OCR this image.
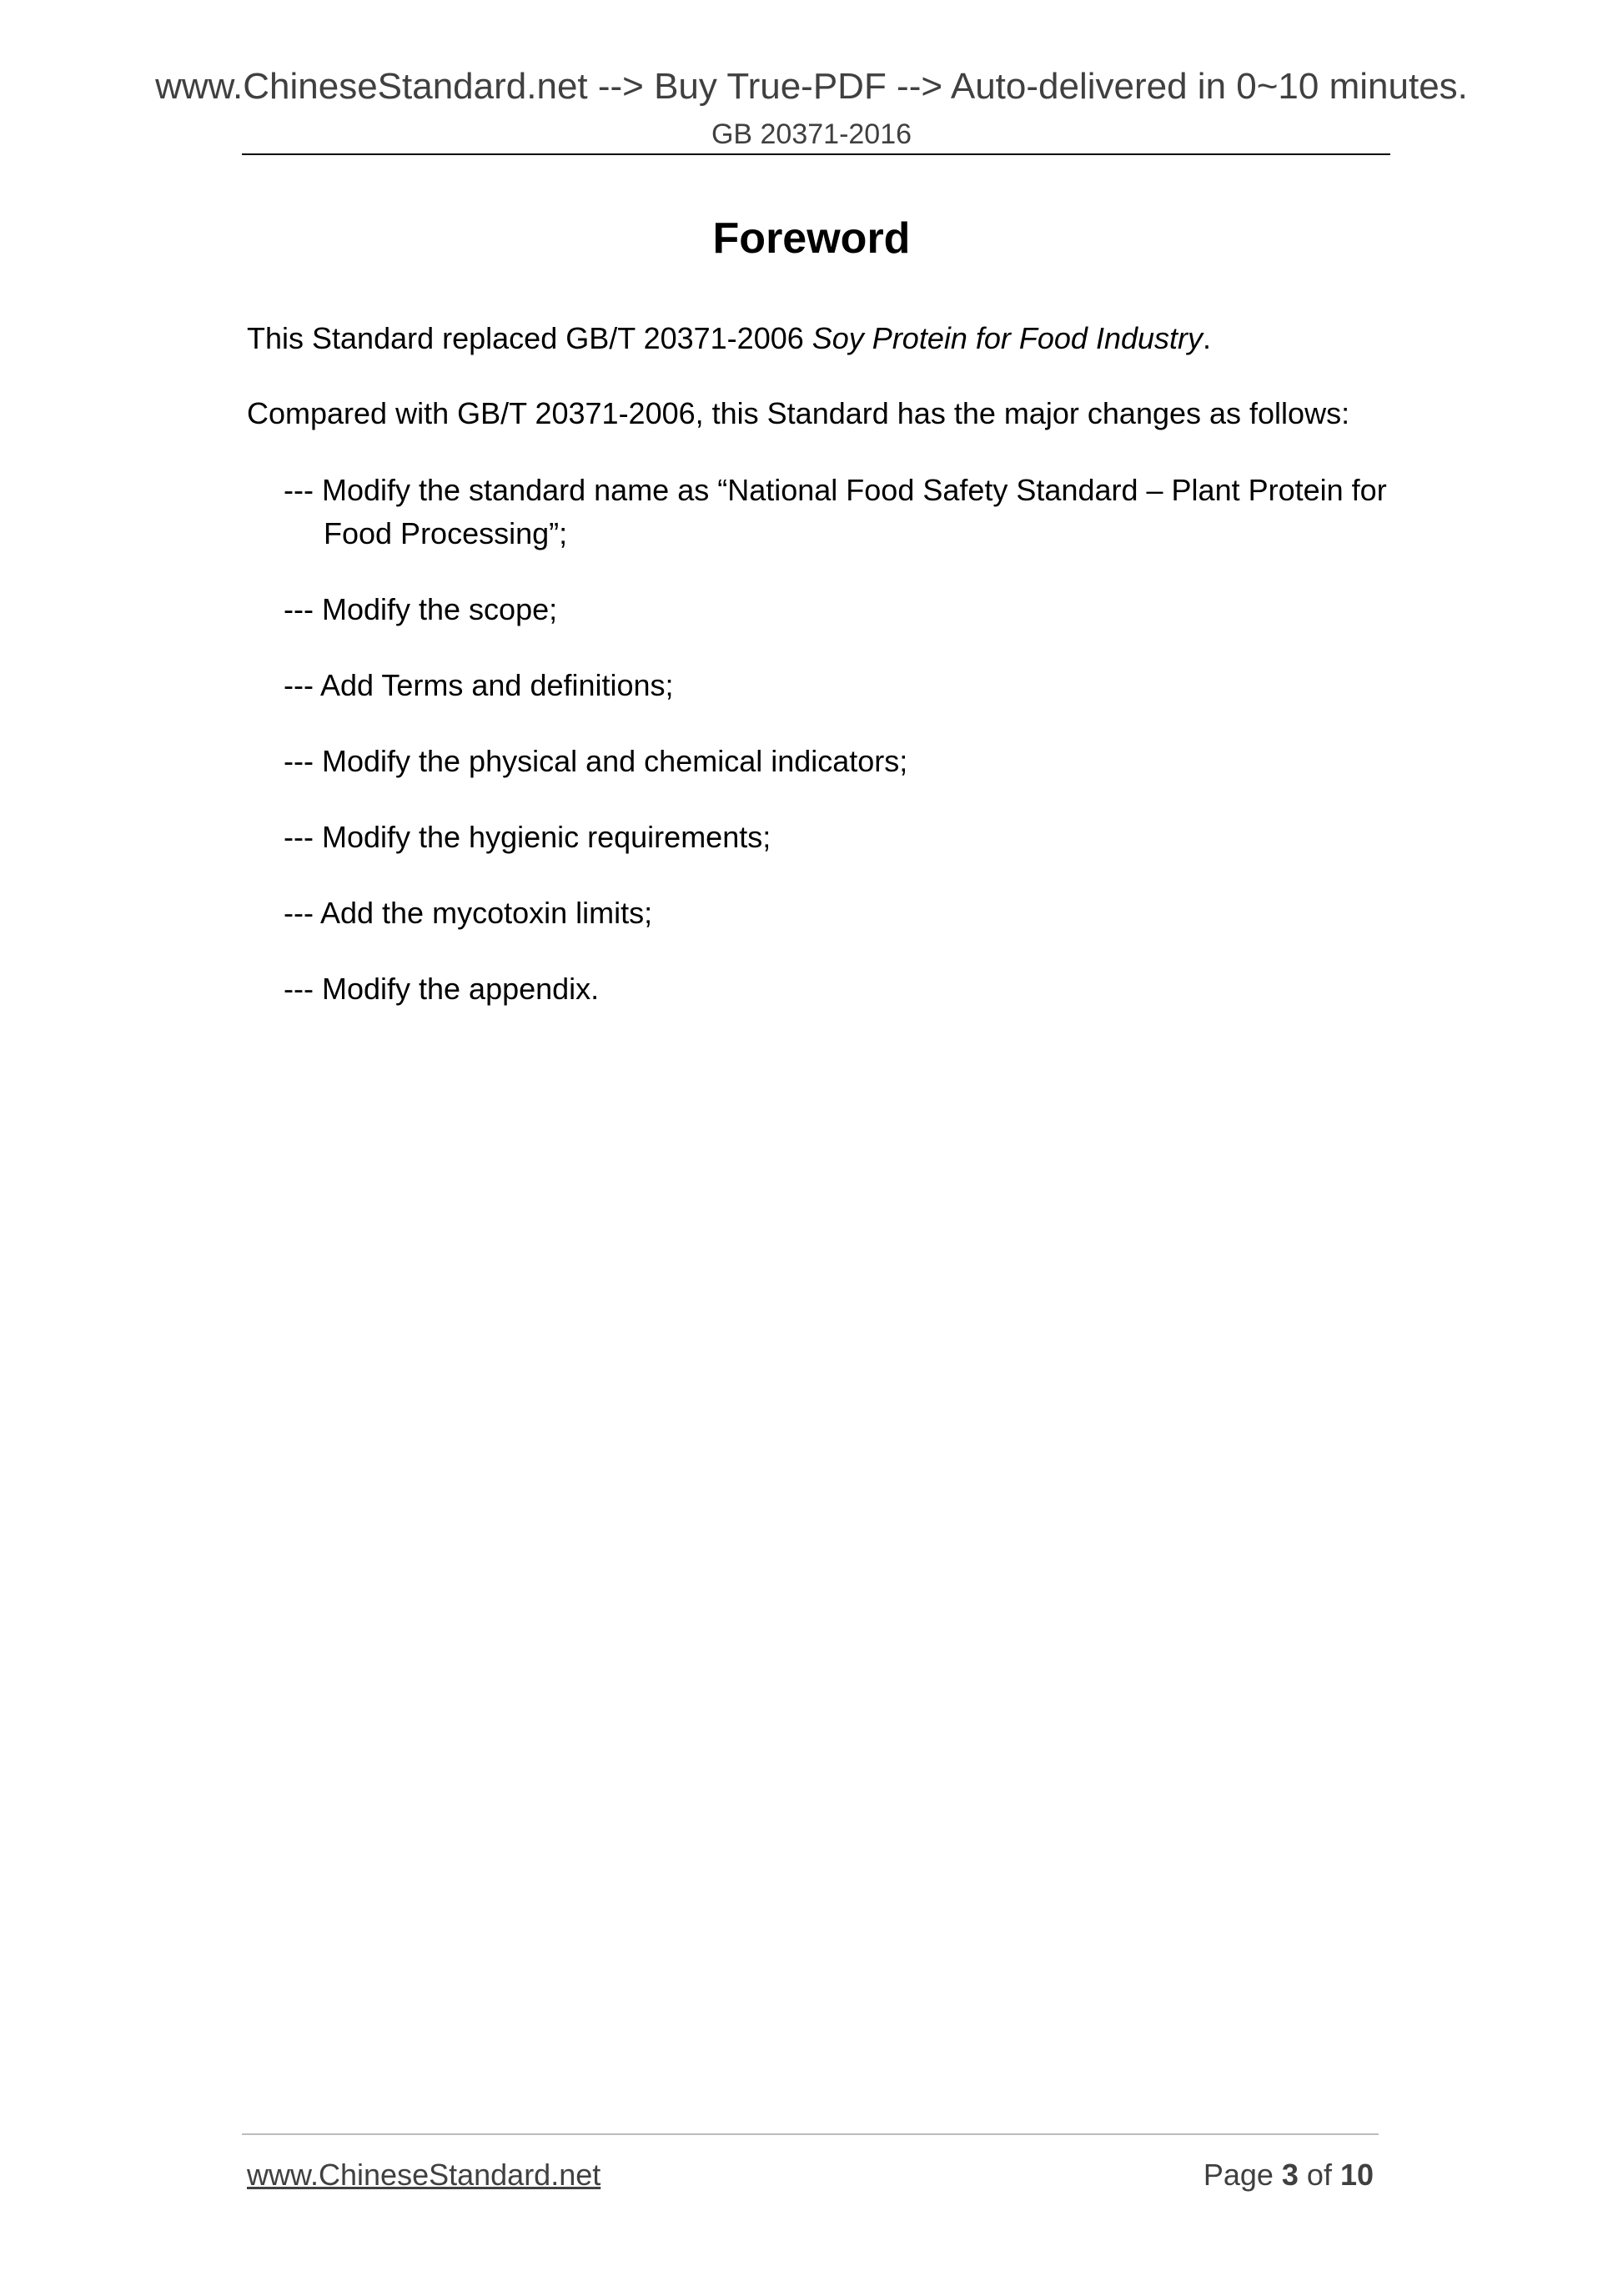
www.ChineseStandard.net --> Buy True-PDF --> Auto-delivered in 0~10 minutes.
GB 20371-2016
Foreword
This Standard replaced GB/T 20371-2006 Soy Protein for Food Industry.
Compared with GB/T 20371-2006, this Standard has the major changes as follows:
--- Modify the standard name as “National Food Safety Standard – Plant Protein for Food Processing”;
--- Modify the scope;
--- Add Terms and definitions;
--- Modify the physical and chemical indicators;
--- Modify the hygienic requirements;
--- Add the mycotoxin limits;
--- Modify the appendix.
www.ChineseStandard.net	Page 3 of 10
